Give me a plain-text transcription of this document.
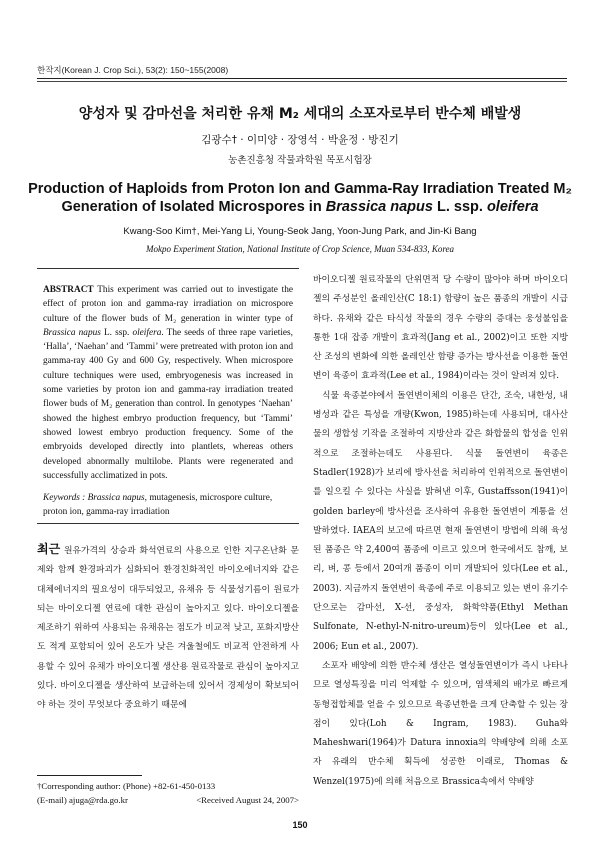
한작지(Korean J. Crop Sci.), 53(2): 150~155(2008)
양성자 및 감마선을 처리한 유채 M₂ 세대의 소포자로부터 반수체 배발생
김광수† · 이미양 · 장영석 · 박윤정 · 방진기
농촌진흥청 작물과학원 목포시험장
Production of Haploids from Proton Ion and Gamma-Ray Irradiation Treated M₂
Generation of Isolated Microspores in Brassica napus L. ssp. oleifera
Kwang-Soo Kim†, Mei-Yang Li, Young-Seok Jang, Yoon-Jung Park, and Jin-Ki Bang
Mokpo Experiment Station, National Institute of Crop Science, Muan 534-833, Korea

ABSTRACT This experiment was carried out to investigate the effect of proton ion and gamma-ray irradiation on microspore culture of the flower buds of M₂ generation in winter type of Brassica napus L. ssp. oleifera. The seeds of three rape varieties, ‘Halla’, ‘Naehan’ and ‘Tammi’ were pretreated with proton ion and gamma-ray 400 Gy and 600 Gy, respectively. When microspore culture techniques were used, embryogenesis was increased in some varieties by proton ion and gamma-ray irradiation treated flower buds of M₂ generation than control. In genotypes ‘Naehan’ showed the highest embryo production frequency, but ‘Tammi’ showed lowest embryo production frequency. Some of the embryoids developed directly into plantlets, whereas others developed abnormally multilobe. Plants were regenerated and successfully acclimatized in pots.

Keywords : Brassica napus, mutagenesis, microspore culture, proton ion, gamma-ray irradiation

최근 원유가격의 상승과 화석연료의 사용으로 인한 지구온난화 문제와 함께 환경파괴가 심화되어 환경친화적인 바이오에너지와 같은 대체에너지의 필요성이 대두되었고, 유채유 등 식물성기름이 원료가 되는 바이오디젤 연료에 대한 관심이 높아지고 있다. 바이오디젤을 제조하기 위하여 사용되는 유채유는 점도가 비교적 낮고, 포화지방산도 적게 포함되어 있어 온도가 낮은 겨울철에도 비교적 안전하게 사용할 수 있어 유채가 바이오디젤 생산용 원료작물로 관심이 높아지고 있다. 바이오디젤을 생산하여 보급하는데 있어서 경제성이 확보되어야 하는 것이 무엇보다 중요하기 때문에

바이오디젤 원료작물의 단위면적 당 수량이 많아야 하며 바이오디젤의 주성분인 올레인산(C 18:1) 함량이 높은 품종의 개발이 시급하다. 유채와 같은 타식성 작물의 경우 수량의 증대는 웅성불임을 통한 1대 잡종 개발이 효과적(Jang et al., 2002)이고 또한 지방산 조성의 변화에 의한 올레인산 함량 증가는 방사선을 이용한 돌연변이 육종이 효과적(Lee et al., 1984)이라는 것이 알려져 있다.

식물 육종분야에서 돌연변이체의 이용은 단간, 조숙, 내한성, 내병성과 같은 특성을 개량(Kwon, 1985)하는데 사용되며, 대사산물의 생합성 기작을 조절하여 지방산과 같은 화합물의 합성을 인위적으로 조절하는데도 사용된다. 식물 돌연변이 육종은 Stadler(1928)가 보리에 방사선을 처리하여 인위적으로 돌연변이를 일으킬 수 있다는 사실을 밝혀낸 이후, Gustaffsson(1941)이 golden barley에 방사선을 조사하여 유용한 돌연변이 계통을 선발하였다. IAEA의 보고에 따르면 현재 돌연변이 방법에 의해 육성된 품종은 약 2,400여 품종에 이르고 있으며 한국에서도 참깨, 보리, 벼, 콩 등에서 20여개 품종이 이미 개발되어 있다(Lee et al., 2003). 지금까지 돌연변이 육종에 주로 이용되고 있는 변이 유기수단으로는 감마선, X-선, 중성자, 화학약품(Ethyl Methan Sulfonate, N-ethyl-N-nitro-ureum)등이 있다(Lee et al., 2006; Eun et al., 2007).

소포자 배양에 의한 반수체 생산은 열성돌연변이가 즉시 나타나므로 열성특징을 미리 억제할 수 있으며, 염색체의 배가로 빠르게 동형접합체를 얻을 수 있으므로 육종년한을 크게 단축할 수 있는 장점이 있다(Loh & Ingram, 1983). Guha와 Maheshwari(1964)가 Datura innoxia의 약배양에 의해 소포자 유래의 반수체 획득에 성공한 이래로, Thomas & Wenzel(1975)에 의해 처음으로 Brassica속에서 약배양

†Corresponding author: (Phone) +82-61-450-0133
(E-mail) ajuga@rda.go.kr	<Received August 24, 2007>
150
